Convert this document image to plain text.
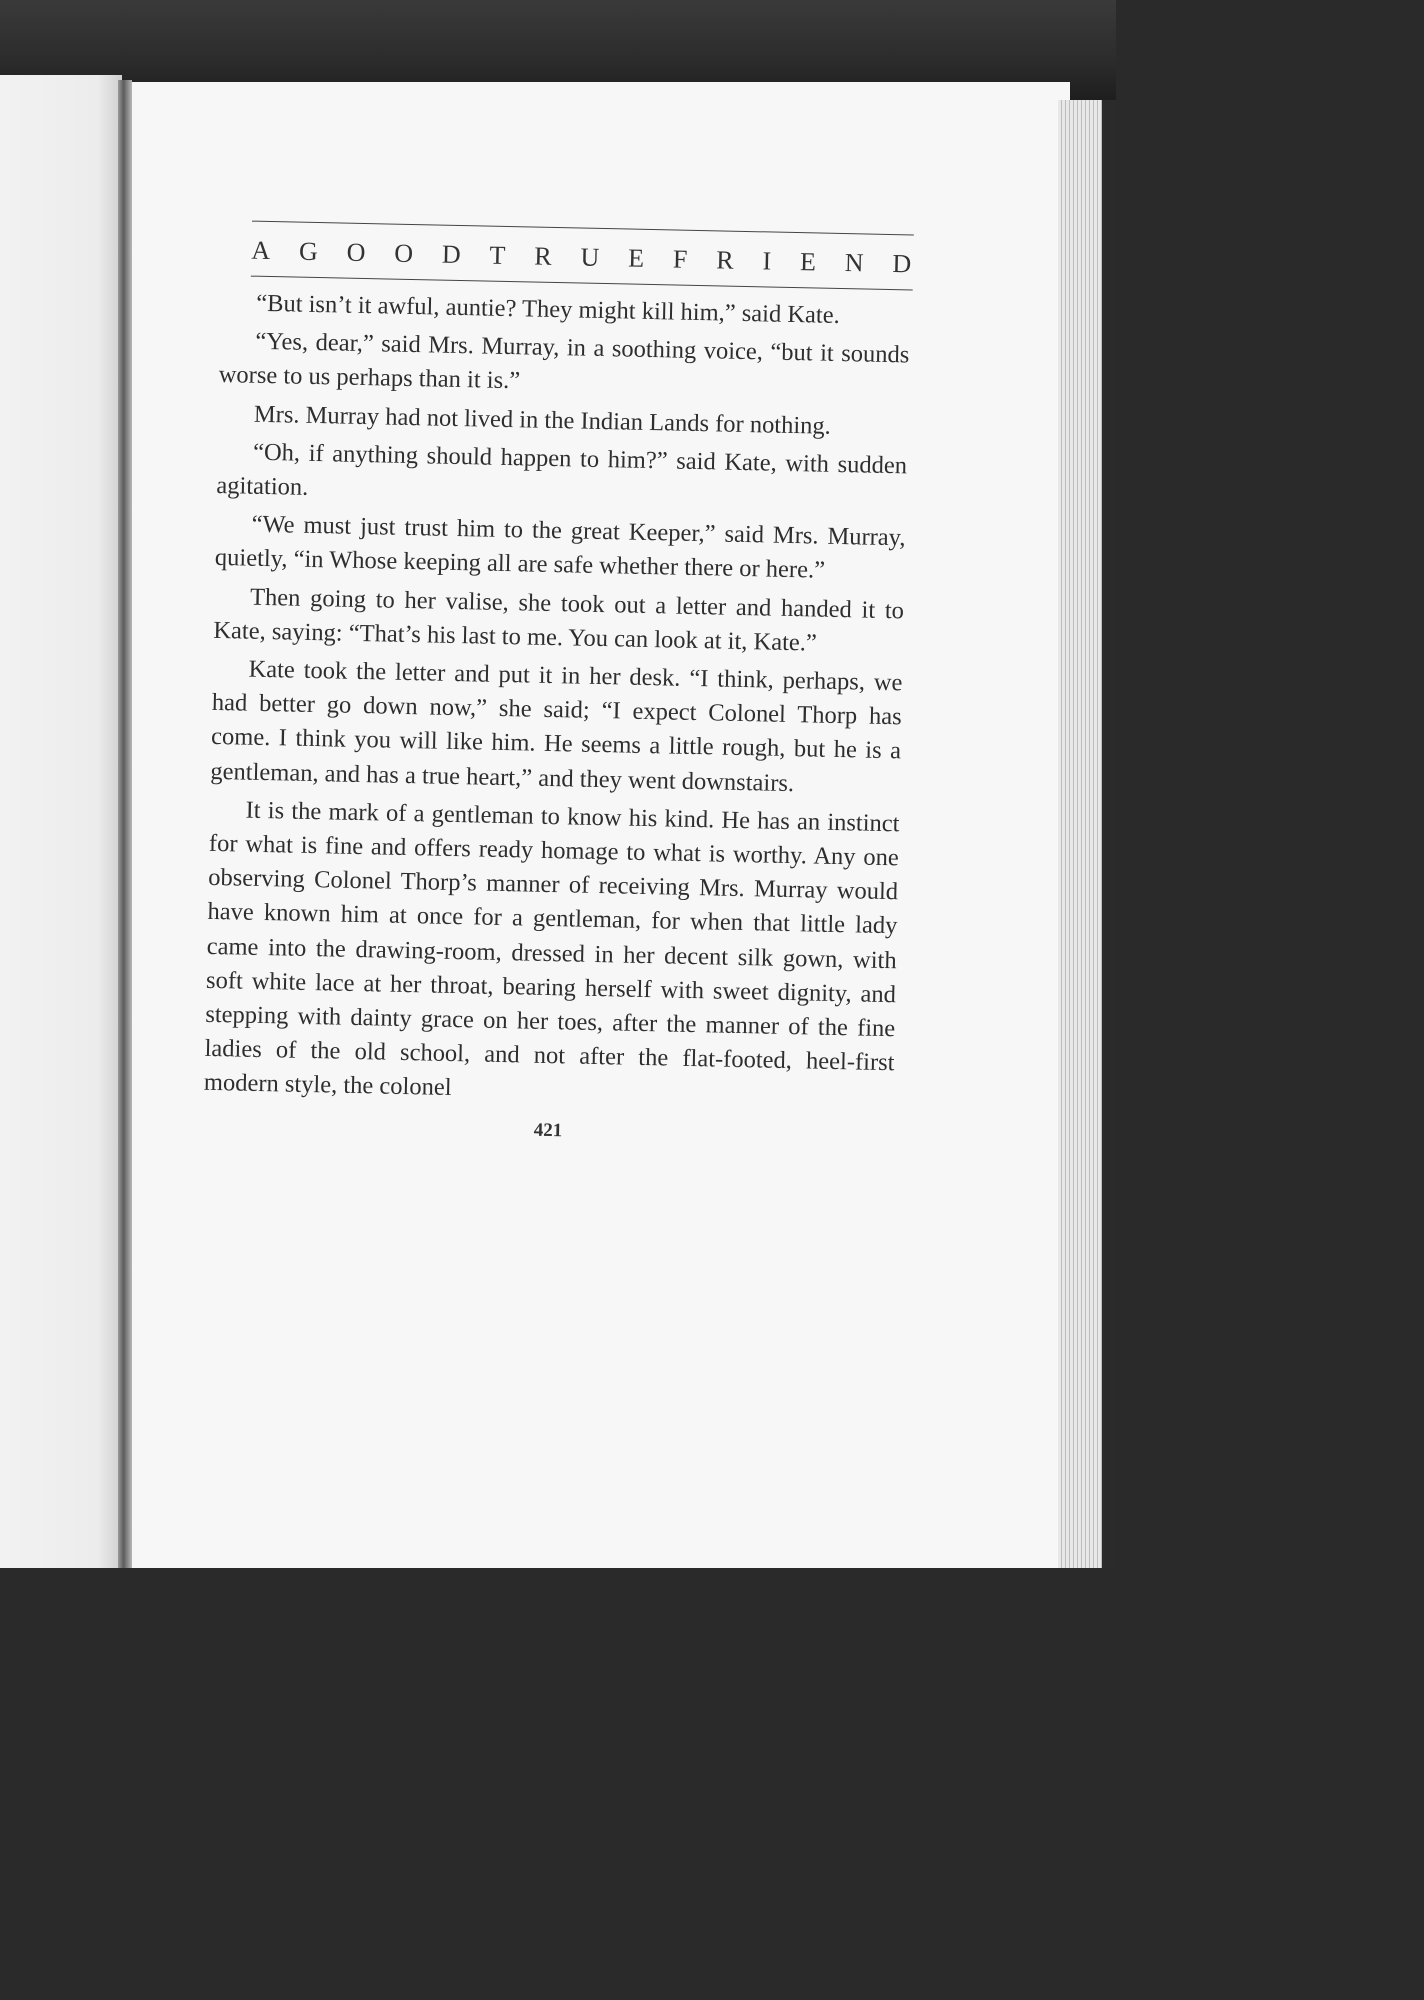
A G O O D T R U E F R I E N D

“But isn’t it awful, auntie? They might kill him,” said Kate.

“Yes, dear,” said Mrs. Murray, in a soothing voice, “but it sounds worse to us perhaps than it is.”

Mrs. Murray had not lived in the Indian Lands for nothing.

“Oh, if anything should happen to him?” said Kate, with sudden agitation.

“We must just trust him to the great Keeper,” said Mrs. Murray, quietly, “in Whose keeping all are safe whether there or here.”

Then going to her valise, she took out a letter and handed it to Kate, saying: “That’s his last to me. You can look at it, Kate.”

Kate took the letter and put it in her desk. “I think, perhaps, we had better go down now,” she said; “I expect Colonel Thorp has come. I think you will like him. He seems a little rough, but he is a gentleman, and has a true heart,” and they went downstairs.

It is the mark of a gentleman to know his kind. He has an instinct for what is fine and offers ready homage to what is worthy. Any one observing Colonel Thorp’s manner of receiving Mrs. Murray would have known him at once for a gentleman, for when that little lady came into the drawing-room, dressed in her decent silk gown, with soft white lace at her throat, bearing herself with sweet dignity, and stepping with dainty grace on her toes, after the manner of the fine ladies of the old school, and not after the flat-footed, heel-first modern style, the colonel

421
